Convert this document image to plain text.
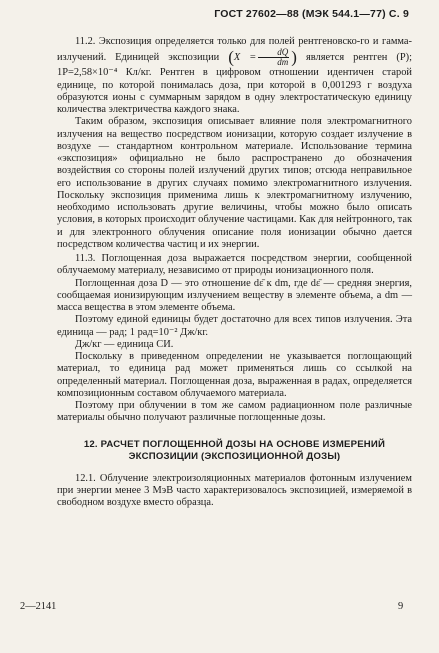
ГОСТ 27602—88 (МЭК 544.1—77) С. 9

11.2. Экспозиция определяется только для полей рентгеновско-го и гамма-излучений. Единицей экспозиции ($X = \frac{dQ}{dm}$ ) является рентген (Р); 1Р=2,58×10⁻⁴ Кл/кг. Рентген в цифровом отношении идентичен старой единице, по которой понималась доза, при которой в 0,001293 г воздуха образуются ионы с суммарным зарядом в одну электростатическую единицу количества электричества каждого знака.

Таким образом, экспозиция описывает влияние поля электромагнитного излучения на вещество посредством ионизации, которую создает излучение в воздухе — стандартном контрольном материале. Использование термина «экспозиция» официально не было распространено до обозначения воздействия со стороны полей излучений других типов; отсюда неправильное его использование в других случаях помимо электромагнитного излучения. Поскольку экспозиция применима лишь к электромагнитному излучению, необходимо использовать другие величины, чтобы можно было описать условия, в которых происходит облучение частицами. Как для нейтронного, так и для электронного облучения описание поля ионизации обычно дается посредством количества частиц и их энергии.

11.3. Поглощенная доза выражается посредством энергии, сообщенной облучаемому материалу, независимо от природы ионизационного поля.

Поглощенная доза D — это отношение dε̄ к dm, где dε̄ — средняя энергия, сообщаемая ионизирующим излучением веществу в элементе объема, а dm — масса вещества в этом элементе объема.

Поэтому единой единицы будет достаточно для всех типов излучения. Эта единица — рад; 1 рад=10⁻² Дж/кг.

Дж/кг — единица СИ.

Поскольку в приведенном определении не указывается поглощающий материал, то единица рад может применяться лишь со ссылкой на определенный материал. Поглощенная доза, выраженная в радах, определяется композиционным составом облучаемого материала.

Поэтому при облучении в том же самом радиационном поле различные материалы обычно получают различные поглощенные дозы.

12. РАСЧЕТ ПОГЛОЩЕННОЙ ДОЗЫ НА ОСНОВЕ ИЗМЕРЕНИЙ ЭКСПОЗИЦИИ (ЭКСПОЗИЦИОННОЙ ДОЗЫ)

12.1. Облучение электроизоляционных материалов фотонным излучением при энергии менее 3 МэВ часто характеризовалось экспозицией, измеряемой в свободном воздухе вместо образца.

2—2141	9
